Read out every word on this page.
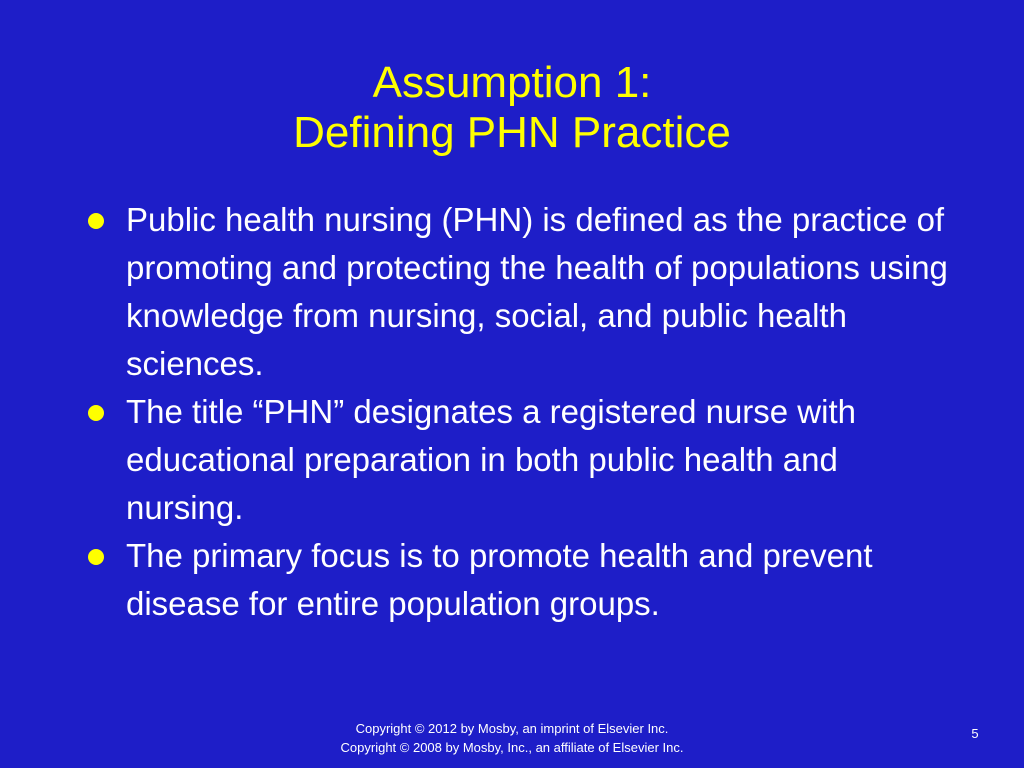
Assumption 1:
Defining PHN Practice
Public health nursing (PHN) is defined as the practice of promoting and protecting the health of populations using knowledge from nursing, social, and public health sciences.
The title “PHN” designates a registered nurse with educational preparation in both public health and nursing.
The primary focus is to promote health and prevent disease for entire population groups.
Copyright © 2012 by Mosby, an imprint of Elsevier Inc.
Copyright © 2008 by Mosby, Inc., an affiliate of Elsevier Inc.
5
